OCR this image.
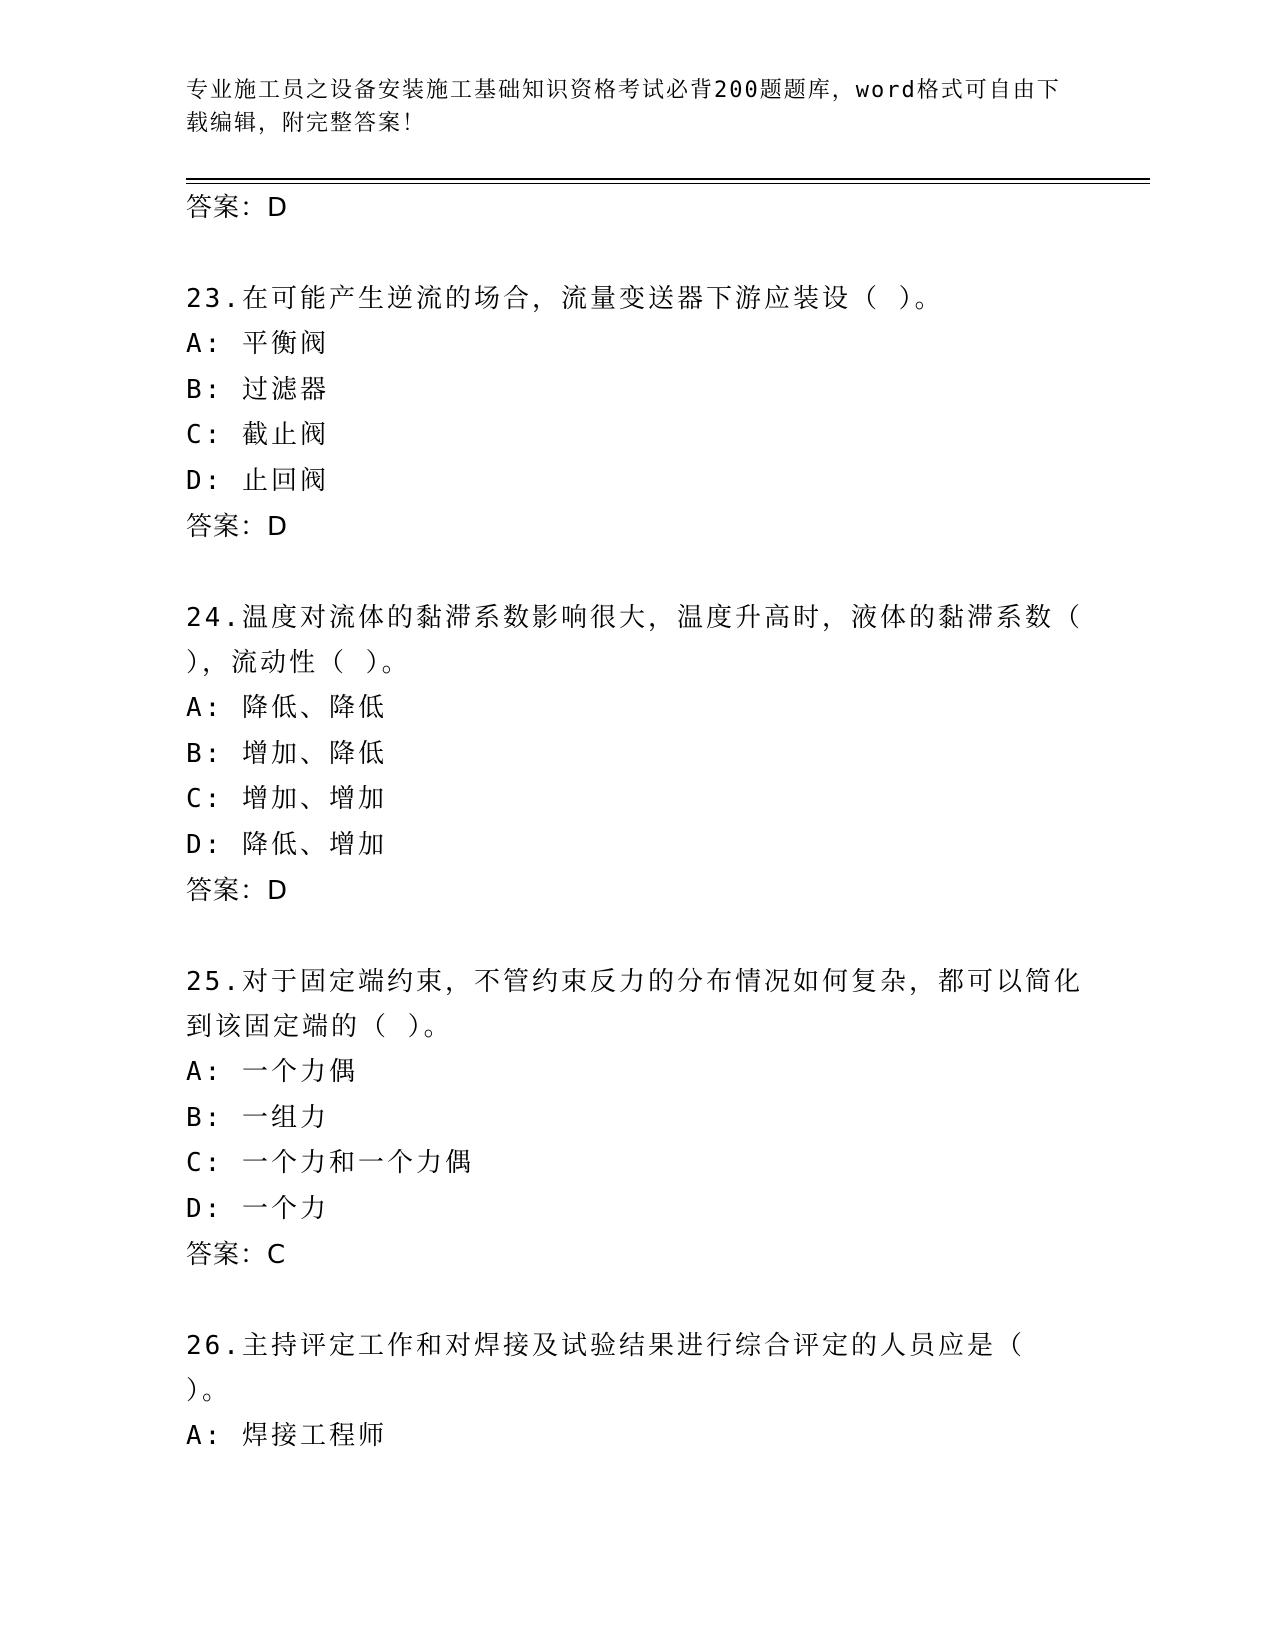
专业施工员之设备安装施工基础知识资格考试必背200题题库，word格式可自由下载编辑，附完整答案！

答案：D

23.在可能产生逆流的场合，流量变送器下游应装设（ ）。
A: 平衡阀
B: 过滤器
C: 截止阀
D: 止回阀

答案：D

24.温度对流体的黏滞系数影响很大，温度升高时，液体的黏滞系数（ ），流动性（ ）。
A: 降低、降低
B: 增加、降低
C: 增加、增加
D: 降低、增加

答案：D

25.对于固定端约束，不管约束反力的分布情况如何复杂，都可以简化到该固定端的（ ）。
A: 一个力偶
B: 一组力
C: 一个力和一个力偶
D: 一个力

答案：C

26.主持评定工作和对焊接及试验结果进行综合评定的人员应是（ ）。
A: 焊接工程师
